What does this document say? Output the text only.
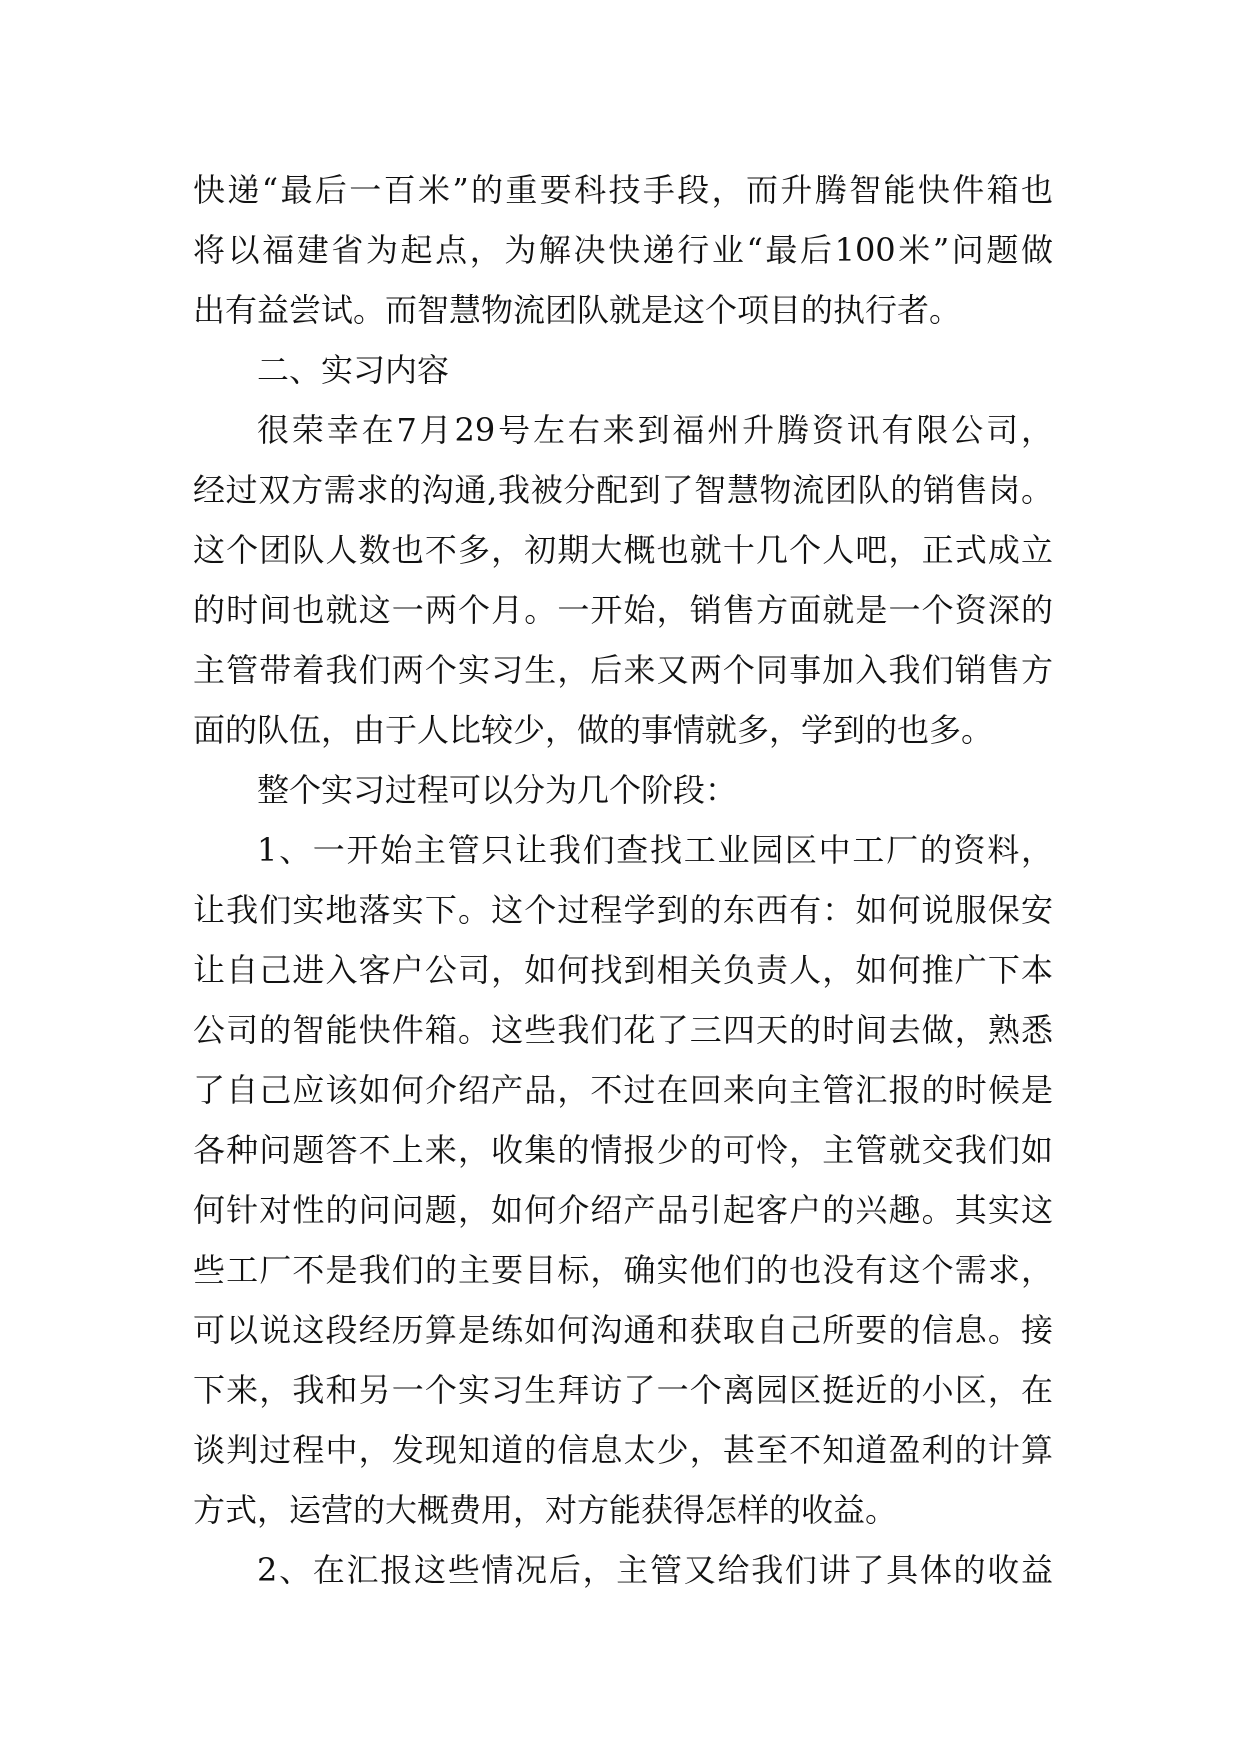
快递“最后一百米”的重要科技手段，而升腾智能快件箱也
将以福建省为起点，为解决快递行业“最后100米”问题做
出有益尝试。而智慧物流团队就是这个项目的执行者。
二、实习内容
很荣幸在7月29号左右来到福州升腾资讯有限公司，
经过双方需求的沟通,我被分配到了智慧物流团队的销售岗。
这个团队人数也不多，初期大概也就十几个人吧，正式成立
的时间也就这一两个月。一开始，销售方面就是一个资深的
主管带着我们两个实习生，后来又两个同事加入我们销售方
面的队伍，由于人比较少，做的事情就多，学到的也多。
整个实习过程可以分为几个阶段：
1、一开始主管只让我们查找工业园区中工厂的资料，
让我们实地落实下。这个过程学到的东西有：如何说服保安
让自己进入客户公司，如何找到相关负责人，如何推广下本
公司的智能快件箱。这些我们花了三四天的时间去做，熟悉
了自己应该如何介绍产品，不过在回来向主管汇报的时候是
各种问题答不上来，收集的情报少的可怜，主管就交我们如
何针对性的问问题，如何介绍产品引起客户的兴趣。其实这
些工厂不是我们的主要目标，确实他们的也没有这个需求，
可以说这段经历算是练如何沟通和获取自己所要的信息。接
下来，我和另一个实习生拜访了一个离园区挺近的小区，在
谈判过程中，发现知道的信息太少，甚至不知道盈利的计算
方式，运营的大概费用，对方能获得怎样的收益。
2、在汇报这些情况后，主管又给我们讲了具体的收益
